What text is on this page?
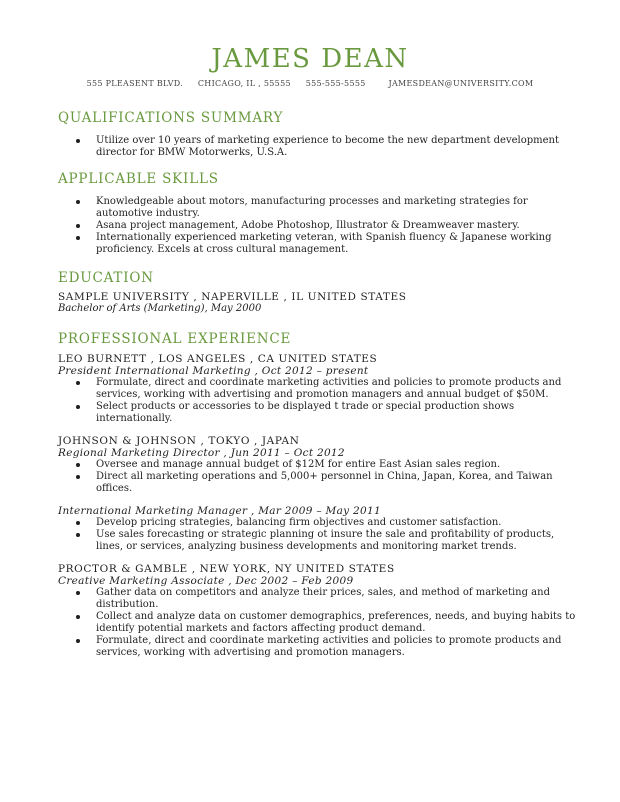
JAMES DEAN
555 PLEASENT BLVD. CHICAGO, IL , 55555 555-555-5555	JAMESDEAN@UNIVERSITY.COM
QUALIFICATIONS SUMMARY
Utilize over 10 years of marketing experience to become the new department development director for BMW Motorwerks, U.S.A.
APPLICABLE SKILLS
Knowledgeable about motors, manufacturing processes and marketing strategies for automotive industry.
Asana project management, Adobe Photoshop, Illustrator & Dreamweaver mastery.
Internationally experienced marketing veteran, with Spanish fluency & Japanese working proficiency. Excels at cross cultural management.
EDUCATION
SAMPLE UNIVERSITY , NAPERVILLE , IL UNITED STATES
Bachelor of Arts (Marketing), May 2000
PROFESSIONAL EXPERIENCE
LEO BURNETT , LOS ANGELES , CA UNITED STATES
President International Marketing , Oct 2012 – present
Formulate, direct and coordinate marketing activities and policies to promote products and services, working with advertising and promotion managers and annual budget of $50M.
Select products or accessories to be displayed t trade or special production shows internationally.
JOHNSON & JOHNSON , TOKYO , JAPAN
Regional Marketing Director , Jun 2011 – Oct 2012
Oversee and manage annual budget of $12M for entire East Asian sales region.
Direct all marketing operations and 5,000+ personnel in China, Japan, Korea, and Taiwan offices.
International Marketing Manager , Mar 2009 – May 2011
Develop pricing strategies, balancing firm objectives and customer satisfaction.
Use sales forecasting or strategic planning ot insure the sale and profitability of products, lines, or services, analyzing business developments and monitoring market trends.
PROCTOR & GAMBLE , NEW YORK, NY UNITED STATES
Creative Marketing Associate , Dec 2002 – Feb 2009
Gather data on competitors and analyze their prices, sales, and method of marketing and distribution.
Collect and analyze data on customer demographics, preferences, needs, and buying habits to identify potential markets and factors affecting product demand.
Formulate, direct and coordinate marketing activities and policies to promote products and services, working with advertising and promotion managers.
